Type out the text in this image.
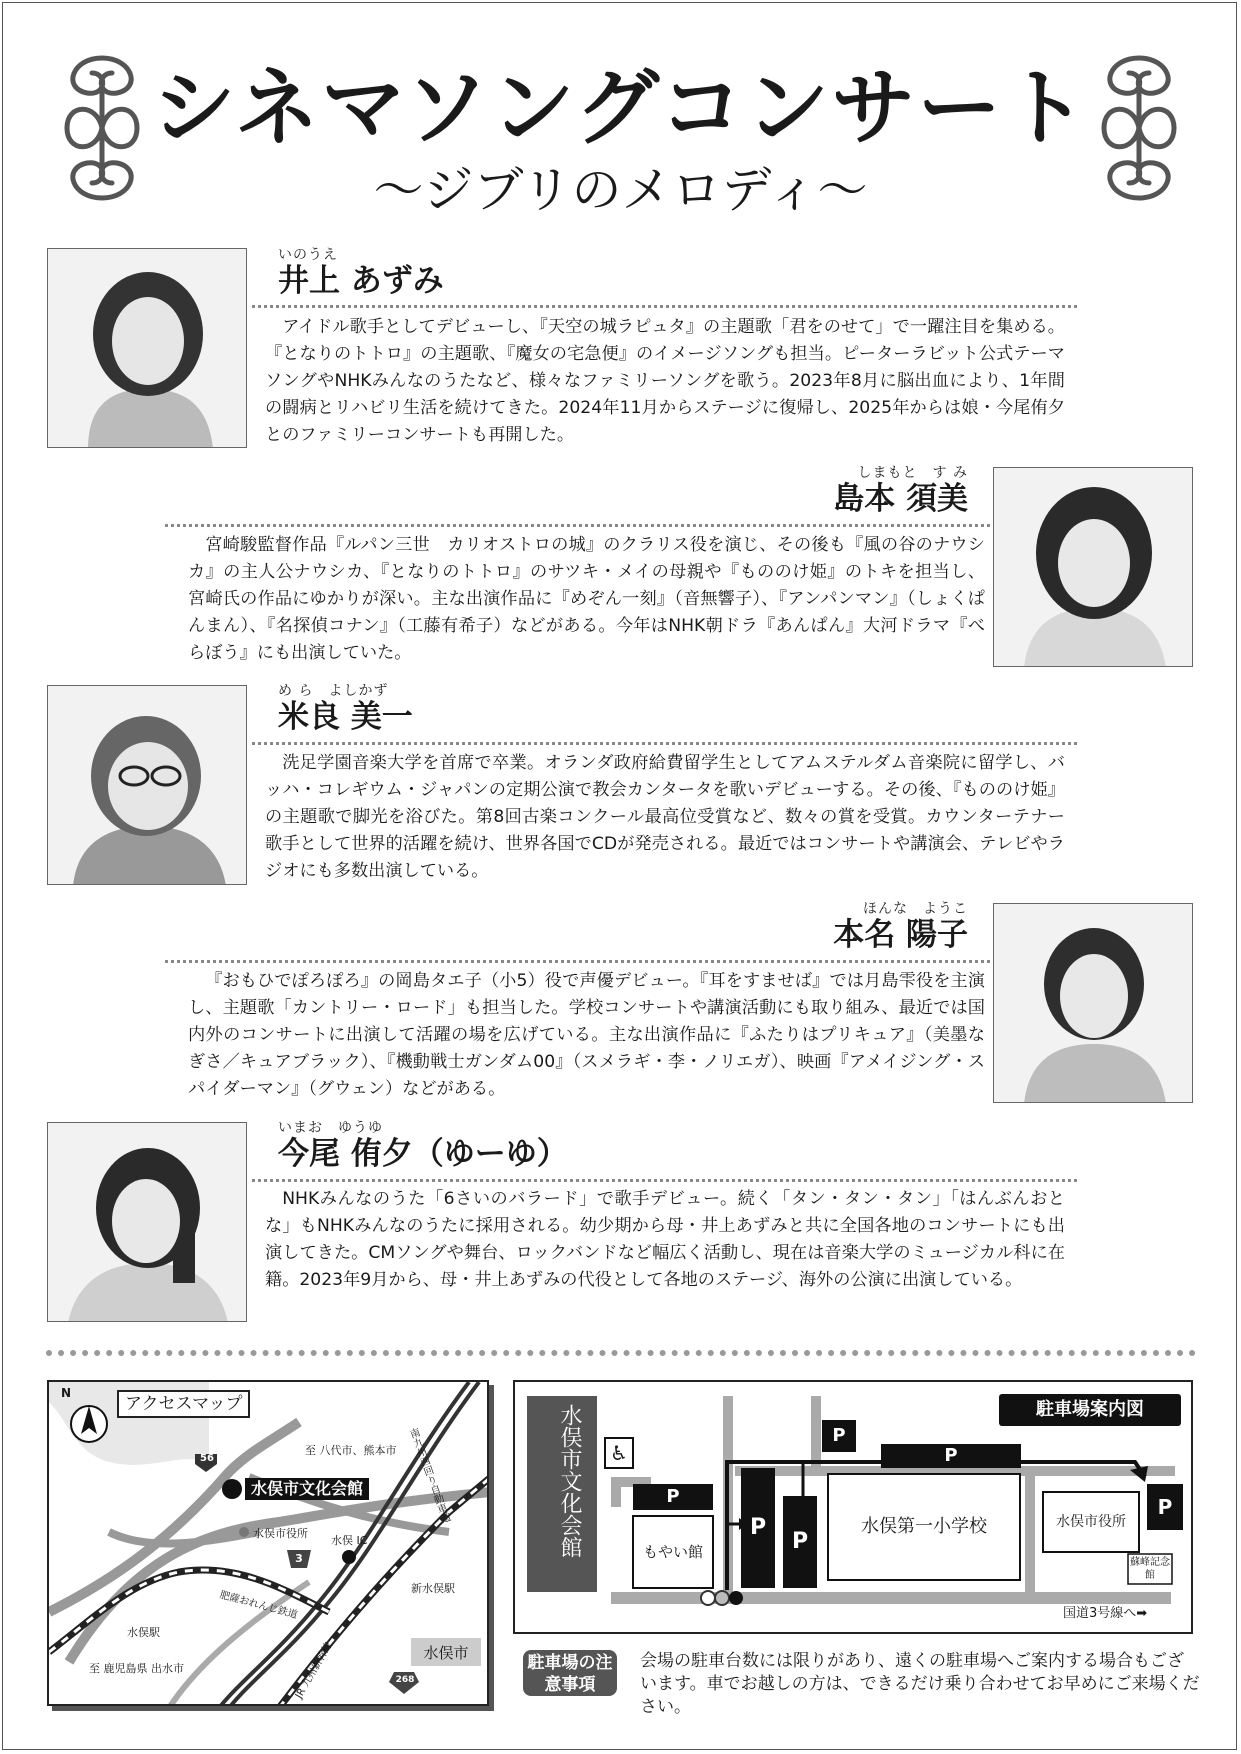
シネマソングコンサート
～ジブリのメロディ～
いのうえ
井上 あずみ
アイドル歌手としてデビューし、『天空の城ラピュタ』の主題歌「君をのせて」で一躍注目を集める。『となりのトトロ』の主題歌、『魔女の宅急便』のイメージソングも担当。ピーターラビット公式テーマソングやNHKみんなのうたなど、様々なファミリーソングを歌う。2023年8月に脳出血により、1年間の闘病とリハビリ生活を続けてきた。2024年11月からステージに復帰し、2025年からは娘・今尾侑夕とのファミリーコンサートも再開した。
しまもと　す み
島本 須美
宮崎駿監督作品『ルパン三世　カリオストロの城』のクラリス役を演じ、その後も『風の谷のナウシカ』の主人公ナウシカ、『となりのトトロ』のサツキ・メイの母親や『もののけ姫』のトキを担当し、宮崎氏の作品にゆかりが深い。主な出演作品に『めぞん一刻』（音無響子）、『アンパンマン』（しょくぱんまん）、『名探偵コナン』（工藤有希子）などがある。今年はNHK朝ドラ『あんぱん』大河ドラマ『べらぼう』にも出演していた。
め ら　よしかず
米良 美一
洗足学園音楽大学を首席で卒業。オランダ政府給費留学生としてアムステルダム音楽院に留学し、バッハ・コレギウム・ジャパンの定期公演で教会カンタータを歌いデビューする。その後、『もののけ姫』の主題歌で脚光を浴びた。第8回古楽コンクール最高位受賞など、数々の賞を受賞。カウンターテナー歌手として世界的活躍を続け、世界各国でCDが発売される。最近ではコンサートや講演会、テレビやラジオにも多数出演している。
ほんな　ようこ
本名 陽子
『おもひでぽろぽろ』の岡島タエ子（小5）役で声優デビュー。『耳をすませば』では月島雫役を主演し、主題歌「カントリー・ロード」も担当した。学校コンサートや講演活動にも取り組み、最近では国内外のコンサートに出演して活躍の場を広げている。主な出演作品に『ふたりはプリキュア』（美墨なぎさ／キュアブラック）、『機動戦士ガンダム00』（スメラギ・李・ノリエガ）、映画『アメイジング・スパイダーマン』（グウェン）などがある。
いまお　ゆうゆ
今尾 侑夕（ゆーゆ）
NHKみんなのうた「6さいのバラード」で歌手デビュー。続く「タン・タン・タン」「はんぶんおとな」もNHKみんなのうたに採用される。幼少期から母・井上あずみと共に全国各地のコンサートにも出演してきた。CMソングや舞台、ロックバンドなど幅広く活動し、現在は音楽大学のミュージカル科に在籍。2023年9月から、母・井上あずみの代役として各地のステージ、海外の公演に出演している。
N
アクセスマップ
56
3
268
水俣市文化会館
至 八代市、熊本市
至 鹿児島県 出水市
水俣市役所
水俣 IC
新水俣駅
水俣駅
肥薩おれんじ鉄道
JR 九州新幹線
南九州西回り自動車道
水俣市
水俣市文化会館 ♿
P
もやい館
P
P
水俣第一小学校
P
P
水俣市役所
P
蘇峰記念館
国道3号線へ➡
駐車場案内図
駐車場の注意事項
会場の駐車台数には限りがあり、遠くの駐車場へご案内する場合もございます。車でお越しの方は、できるだけ乗り合わせてお早めにご来場ください。
